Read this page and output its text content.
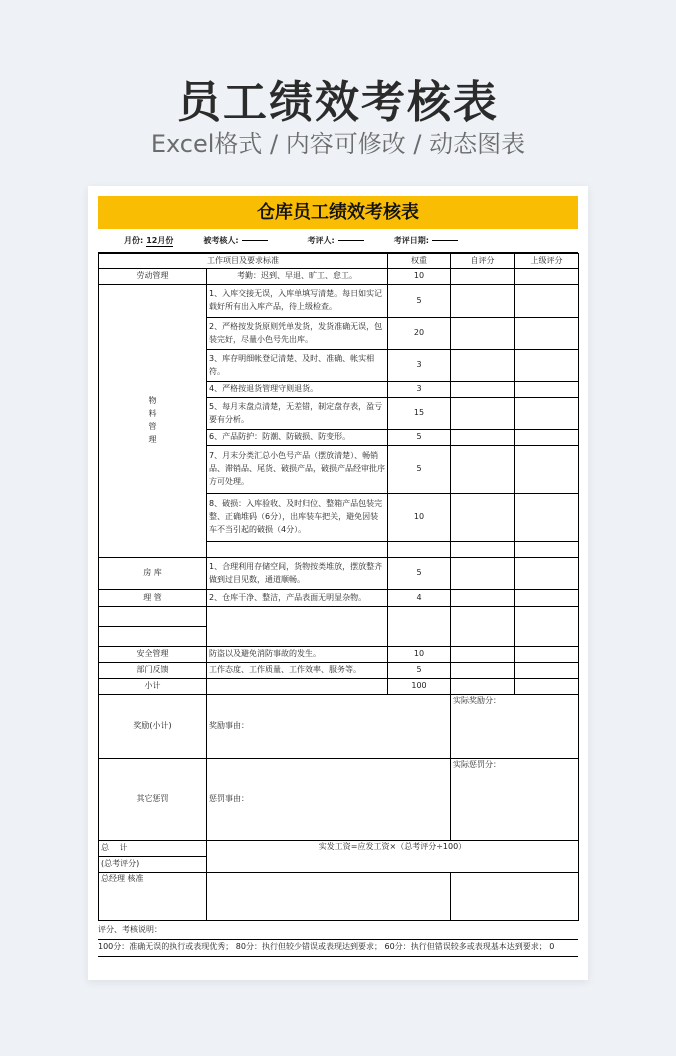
员工绩效考核表
Excel格式 / 内容可修改 / 动态图表
仓库员工绩效考核表
月份: 12月份	被考核人:	考评人:	考评日期:
工作项目及要求标准		权重	自评分	上级评分
劳动管理	考勤：迟到、早退、旷工、怠工。	10		

物
料
管
理	1、入库交接无误，入库单填写清楚。每日如实记载好所有出入库产品，待上级检查。	5		
	2、严格按发货原则凭单发货，发货准确无误，包装完好，尽量小色号先出库。	20		
	3、库存明细帐登记清楚、及时、准确、帐实相符。	3		
	4、严格按退货管理守则退货。	3		
	5、每月末盘点清楚，无差错，制定盘存表，盈亏要有分析。	15		
	6、产品防护：防潮、防破损、防变形。	5		
	7、月末分类汇总小色号产品（摆放清楚）、畅销品、滞销品、尾货、破损产品，破损产品经审批序方可处理。	5		
	8、破损：入库验收、及时归位、整箱产品包装完整、正确堆码（6分），出库装车把关，避免因装车不当引起的破损（4分）。	10		

房 库	1、合理利用存储空间，货物按类堆放，摆放整齐做到过目见数，通道顺畅。	5		
理 管	2、仓库干净、整洁，产品表面无明显杂物。	4		

安全管理	防盗以及避免消防事故的发生。	10		
部门反馈	工作态度、工作质量、工作效率、服务等。	5		
小计		100		
奖励(小计)	奖励事由：		实际奖励分：	
其它惩罚	惩罚事由：		实际惩罚分：	
总　 计	实发工资=应发工资×（总考评分÷100）			
(总考评分)				
总经理 核准				
评分、考核说明：
100分：准确无误的执行或表现优秀； 80分：执行但较少错误或表现达到要求； 60分：执行但错误较多或表现基本达到要求； 0
